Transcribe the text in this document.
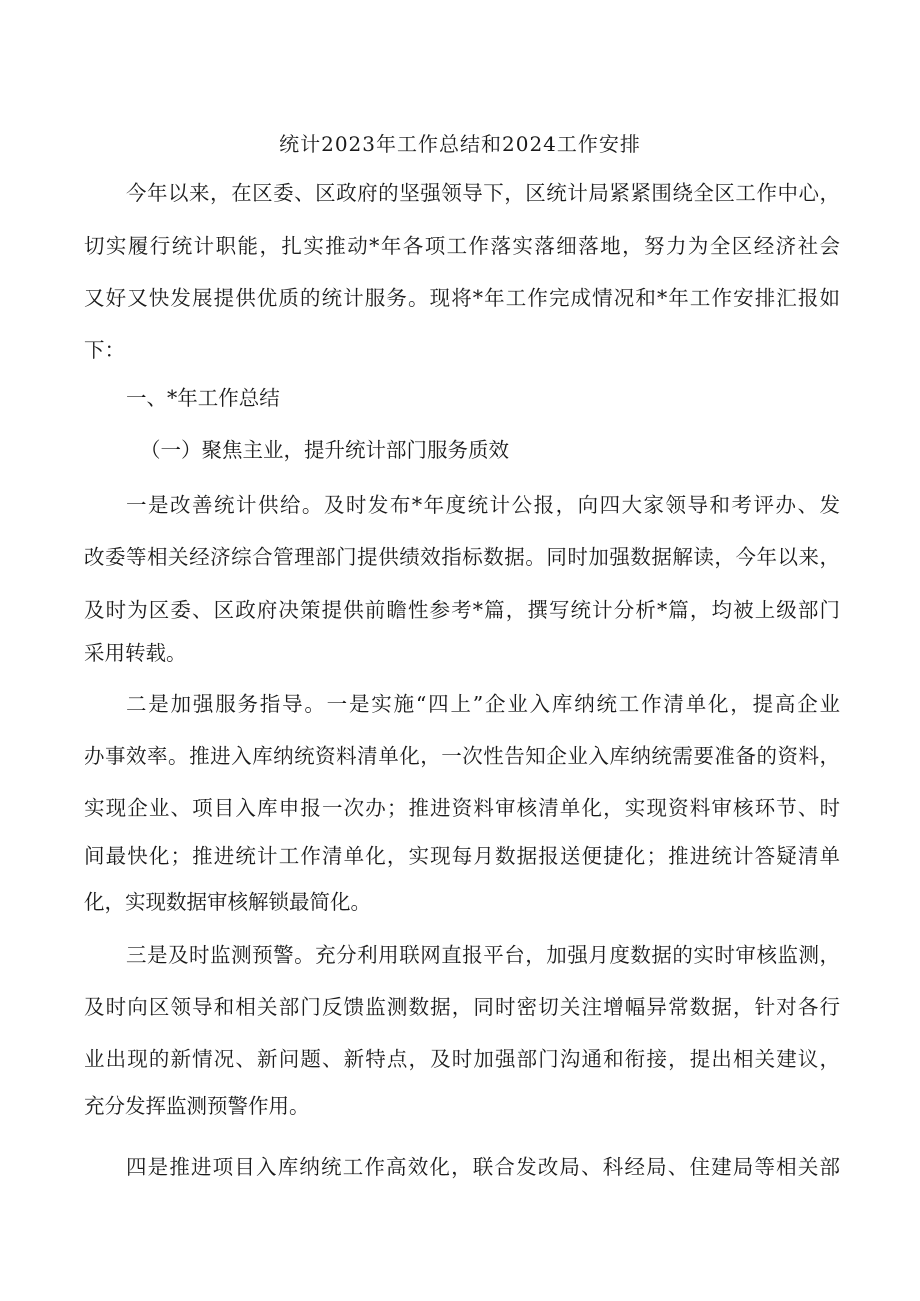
统计2023年工作总结和2024工作安排
今年以来，在区委、区政府的坚强领导下，区统计局紧紧围绕全区工作中心，
切实履行统计职能，扎实推动*年各项工作落实落细落地，努力为全区经济社会
又好又快发展提供优质的统计服务。现将*年工作完成情况和*年工作安排汇报如
下：
一、*年工作总结
（一）聚焦主业，提升统计部门服务质效
一是改善统计供给。及时发布*年度统计公报，向四大家领导和考评办、发
改委等相关经济综合管理部门提供绩效指标数据。同时加强数据解读，今年以来，
及时为区委、区政府决策提供前瞻性参考*篇，撰写统计分析*篇，均被上级部门
采用转载。
二是加强服务指导。一是实施“四上”企业入库纳统工作清单化，提高企业
办事效率。推进入库纳统资料清单化，一次性告知企业入库纳统需要准备的资料，
实现企业、项目入库申报一次办；推进资料审核清单化，实现资料审核环节、时
间最快化；推进统计工作清单化，实现每月数据报送便捷化；推进统计答疑清单
化，实现数据审核解锁最简化。
三是及时监测预警。充分利用联网直报平台，加强月度数据的实时审核监测，
及时向区领导和相关部门反馈监测数据，同时密切关注增幅异常数据，针对各行
业出现的新情况、新问题、新特点，及时加强部门沟通和衔接，提出相关建议，
充分发挥监测预警作用。
四是推进项目入库纳统工作高效化，联合发改局、科经局、住建局等相关部
